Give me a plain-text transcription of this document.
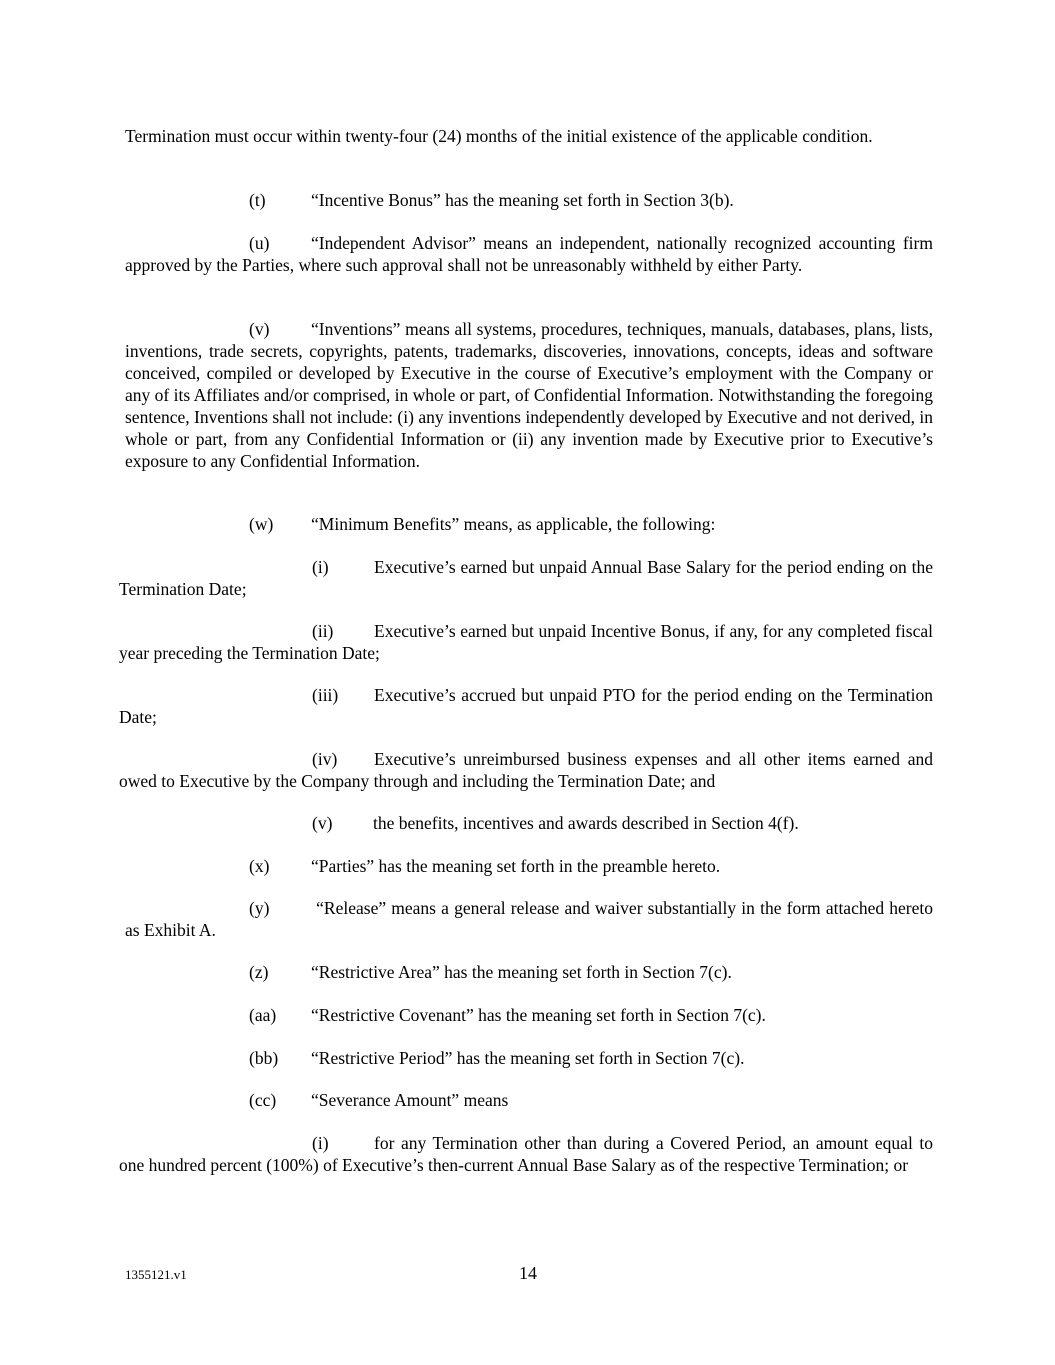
Termination must occur within twenty-four (24) months of the initial existence of the applicable condition.
(t)	“Incentive Bonus” has the meaning set forth in Section 3(b).
(u) “Independent Advisor” means an independent, nationally recognized accounting firm approved by the Parties, where such approval shall not be unreasonably withheld by either Party.
(v) “Inventions” means all systems, procedures, techniques, manuals, databases, plans, lists, inventions, trade secrets, copyrights, patents, trademarks, discoveries, innovations, concepts, ideas and software conceived, compiled or developed by Executive in the course of Executive’s employment with the Company or any of its Affiliates and/or comprised, in whole or part, of Confidential Information. Notwithstanding the foregoing sentence, Inventions shall not include: (i) any inventions independently developed by Executive and not derived, in whole or part, from any Confidential Information or (ii) any invention made by Executive prior to Executive’s exposure to any Confidential Information.
(w) “Minimum Benefits” means, as applicable, the following:
(i)	Executive’s earned but unpaid Annual Base Salary for the period ending on the Termination Date;
(ii) Executive’s earned but unpaid Incentive Bonus, if any, for any completed fiscal year preceding the Termination Date;
(iii) Executive’s accrued but unpaid PTO for the period ending on the Termination Date;
(iv) Executive’s unreimbursed business expenses and all other items earned and owed to Executive by the Company through and including the Termination Date; and
(v) the benefits, incentives and awards described in Section 4(f).
(x) “Parties” has the meaning set forth in the preamble hereto.
(y) “Release” means a general release and waiver substantially in the form attached hereto as Exhibit A.
(z) “Restrictive Area” has the meaning set forth in Section 7(c).
(aa) “Restrictive Covenant” has the meaning set forth in Section 7(c).
(bb) “Restrictive Period” has the meaning set forth in Section 7(c).
(cc) “Severance Amount” means
(i)	for any Termination other than during a Covered Period, an amount equal to one hundred percent (100%) of Executive’s then-current Annual Base Salary as of the respective Termination; or
1355121.v1	14
